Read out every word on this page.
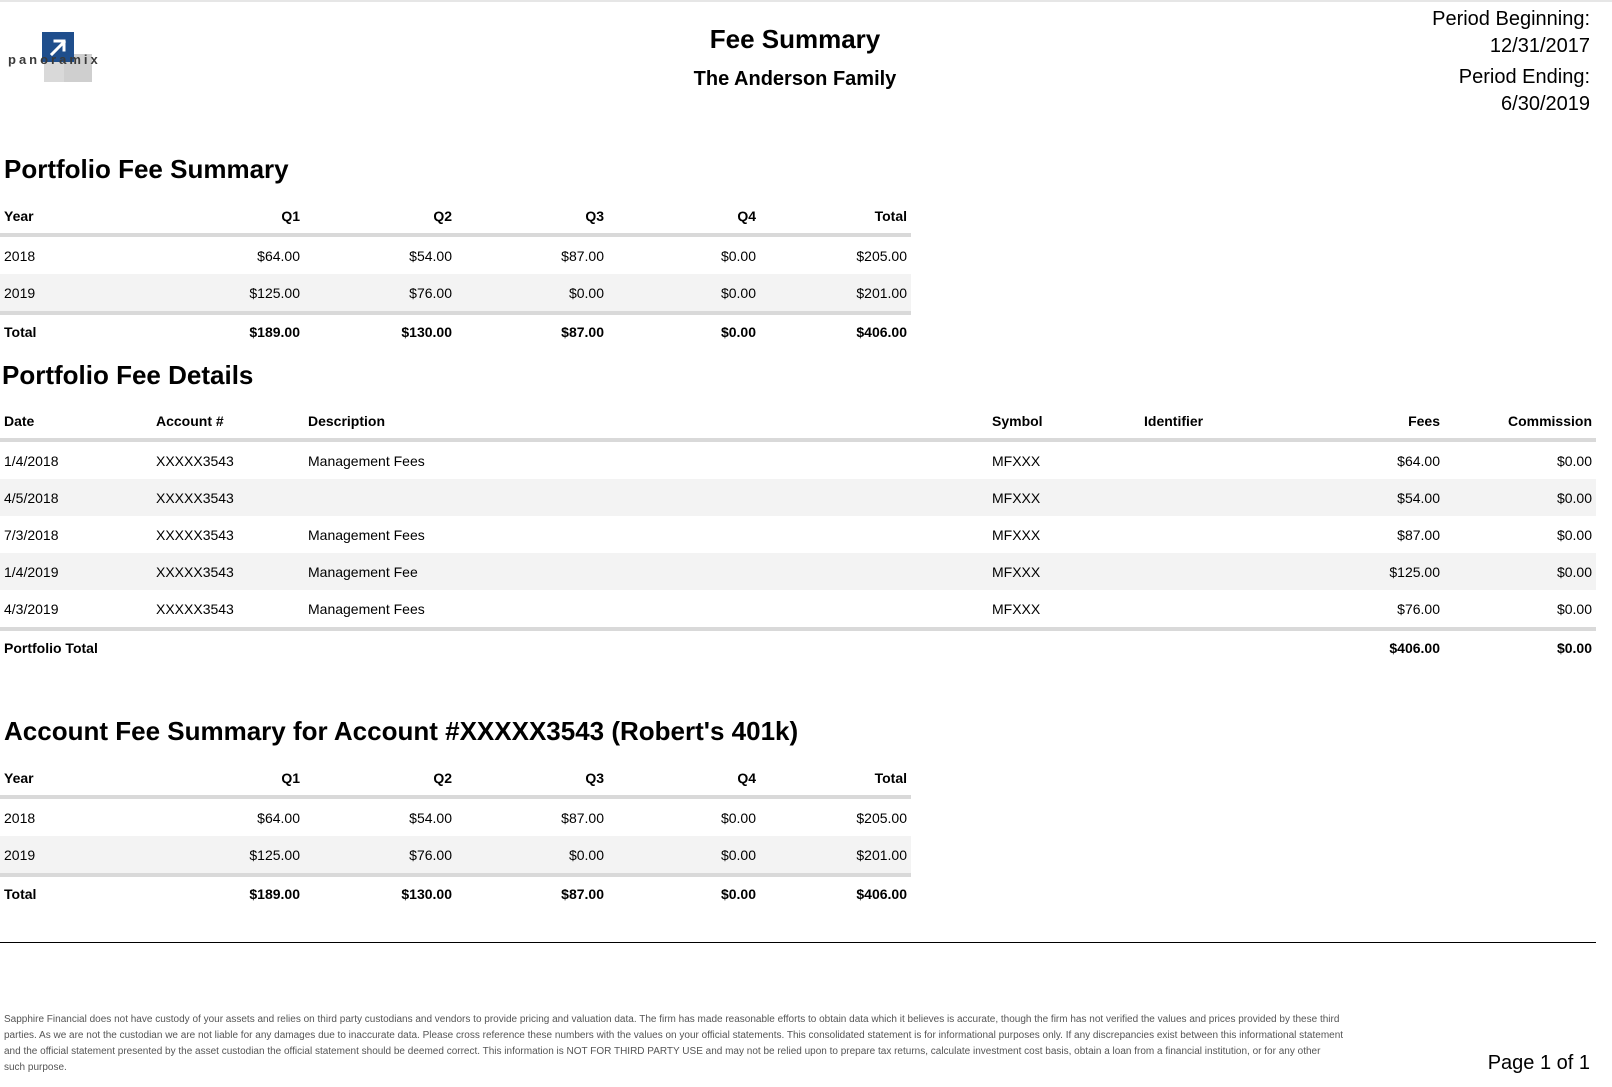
panoramix
Fee Summary
The Anderson Family
Period Beginning:
12/31/2017
Period Ending:
6/30/2019
Portfolio Fee Summary
Year	Q1	Q2	Q3	Q4	Total
2018	$64.00	$54.00	$87.00	$0.00	$205.00
2019	$125.00	$76.00	$0.00	$0.00	$201.00
Total	$189.00	$130.00	$87.00	$0.00	$406.00
Portfolio Fee Details
Date	Account #	Description	Symbol	Identifier	Fees	Commission
1/4/2018	XXXXX3543	Management Fees	MFXXX		$64.00	$0.00
4/5/2018	XXXXX3543		MFXXX		$54.00	$0.00
7/3/2018	XXXXX3543	Management Fees	MFXXX		$87.00	$0.00
1/4/2019	XXXXX3543	Management Fee	MFXXX		$125.00	$0.00
4/3/2019	XXXXX3543	Management Fees	MFXXX		$76.00	$0.00
Portfolio Total					$406.00	$0.00
Account Fee Summary for Account #XXXXX3543 (Robert's 401k)
Year	Q1	Q2	Q3	Q4	Total
2018	$64.00	$54.00	$87.00	$0.00	$205.00
2019	$125.00	$76.00	$0.00	$0.00	$201.00
Total	$189.00	$130.00	$87.00	$0.00	$406.00
Sapphire Financial does not have custody of your assets and relies on third party custodians and vendors to provide pricing and valuation data. The firm has made reasonable efforts to obtain data which it believes is accurate, though the firm has not verified the values and prices provided by these third parties. As we are not the custodian we are not liable for any damages due to inaccurate data. Please cross reference these numbers with the values on your official statements. This consolidated statement is for informational purposes only. If any discrepancies exist between this informational statement and the official statement presented by the asset custodian the official statement should be deemed correct. This information is NOT FOR THIRD PARTY USE and may not be relied upon to prepare tax returns, calculate investment cost basis, obtain a loan from a financial institution, or for any other such purpose.	Page 1 of 1
